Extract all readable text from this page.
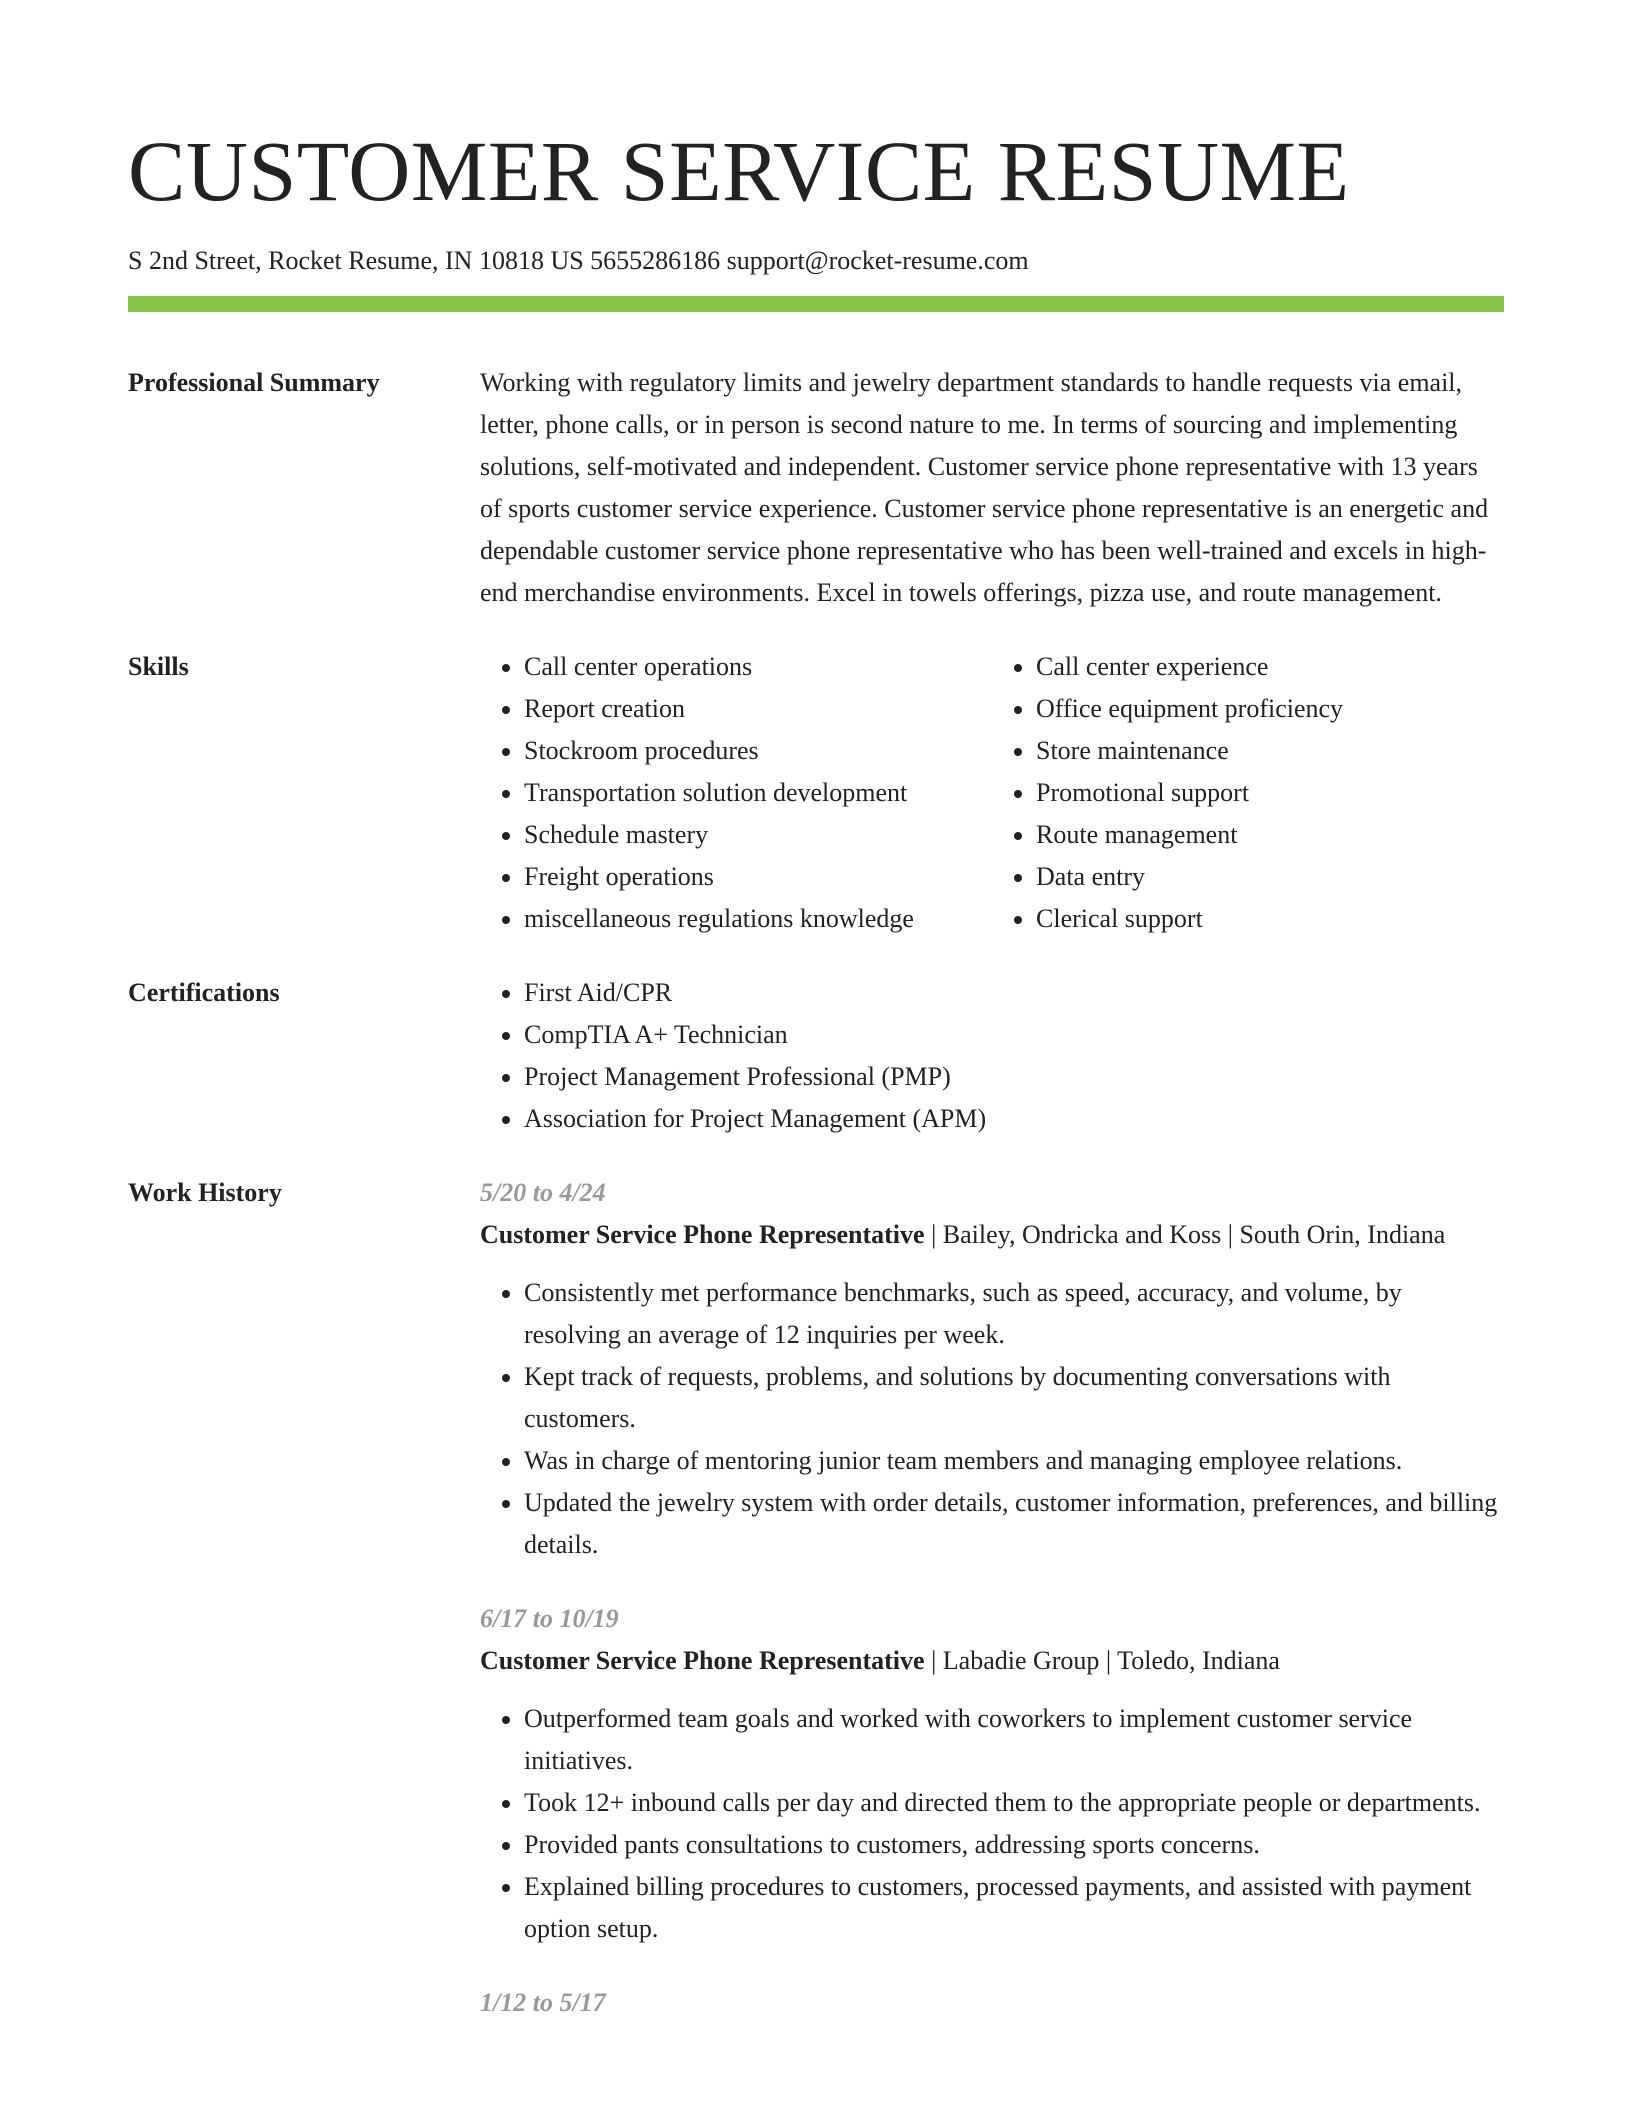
CUSTOMER SERVICE RESUME
S 2nd Street, Rocket Resume, IN 10818 US 5655286186 support@rocket-resume.com
Professional Summary	Working with regulatory limits and jewelry department standards to handle requests via email, letter, phone calls, or in person is second nature to me. In terms of sourcing and implementing solutions, self-motivated and independent. Customer service phone representative with 13 years of sports customer service experience. Customer service phone representative is an energetic and dependable customer service phone representative who has been well-trained and excels in high-end merchandise environments. Excel in towels offerings, pizza use, and route management.

Skills	• Call center operations
• Report creation
• Stockroom procedures
• Transportation solution development
• Schedule mastery
• Freight operations
• miscellaneous regulations knowledge
• Call center experience
• Office equipment proficiency
• Store maintenance
• Promotional support
• Route management
• Data entry
• Clerical support
Certifications	• First Aid/CPR
• CompTIA A+ Technician
• Project Management Professional (PMP)
• Association for Project Management (APM)
Work History	5/20 to 4/24
Customer Service Phone Representative | Bailey, Ondricka and Koss | South Orin, Indiana
• Consistently met performance benchmarks, such as speed, accuracy, and volume, by resolving an average of 12 inquiries per week.
• Kept track of requests, problems, and solutions by documenting conversations with customers.
• Was in charge of mentoring junior team members and managing employee relations.
• Updated the jewelry system with order details, customer information, preferences, and billing details.
6/17 to 10/19
Customer Service Phone Representative | Labadie Group | Toledo, Indiana
• Outperformed team goals and worked with coworkers to implement customer service initiatives.
• Took 12+ inbound calls per day and directed them to the appropriate people or departments.
• Provided pants consultations to customers, addressing sports concerns.
• Explained billing procedures to customers, processed payments, and assisted with payment option setup.
1/12 to 5/17
